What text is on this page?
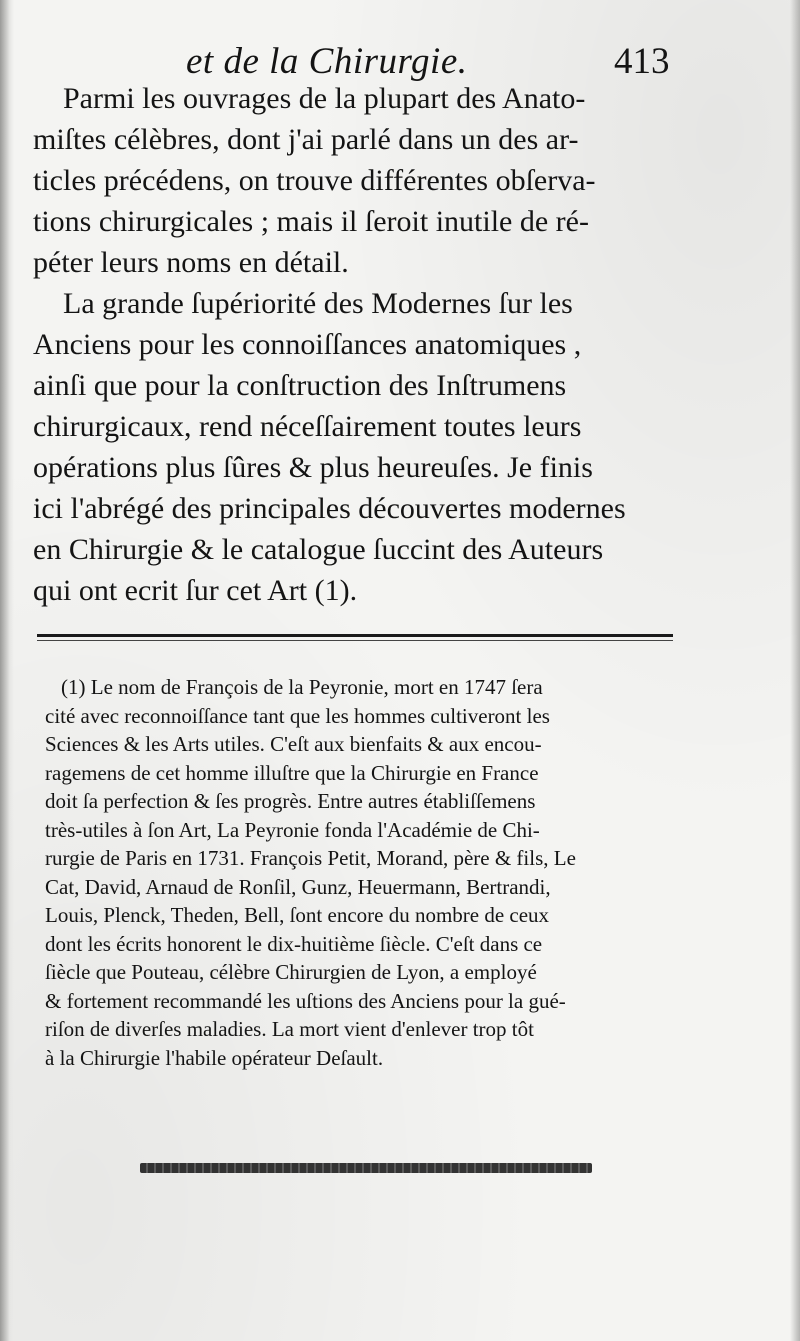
et de la Chirurgie.	413
Parmi les ouvrages de la plupart des Anato-
miſtes célèbres, dont j'ai parlé dans un des ar-
ticles précédens, on trouve différentes obſerva-
tions chirurgicales ; mais il ſeroit inutile de ré-
péter leurs noms en détail.
La grande ſupériorité des Modernes ſur les
Anciens pour les connoiſſances anatomiques ,
ainſi que pour la conſtruction des Inſtrumens
chirurgicaux, rend néceſſairement toutes leurs
opérations plus ſûres & plus heureuſes. Je finis
ici l'abrégé des principales découvertes modernes
en Chirurgie & le catalogue ſuccint des Auteurs
qui ont ecrit ſur cet Art (1).
(1) Le nom de François de la Peyronie, mort en 1747 ſera
cité avec reconnoiſſance tant que les hommes cultiveront les
Sciences & les Arts utiles. C'eſt aux bienfaits & aux encou-
ragemens de cet homme illuſtre que la Chirurgie en France
doit ſa perfection & ſes progrès. Entre autres établiſſemens
très-utiles à ſon Art, La Peyronie fonda l'Académie de Chi-
rurgie de Paris en 1731. François Petit, Morand, père & fils, Le
Cat, David, Arnaud de Ronſil, Gunz, Heuermann, Bertrandi,
Louis, Plenck, Theden, Bell, ſont encore du nombre de ceux
dont les écrits honorent le dix-huitième ſiècle. C'eſt dans ce
ſiècle que Pouteau, célèbre Chirurgien de Lyon, a employé
& fortement recommandé les uſtions des Anciens pour la gué-
riſon de diverſes maladies. La mort vient d'enlever trop tôt
à la Chirurgie l'habile opérateur Deſault.
